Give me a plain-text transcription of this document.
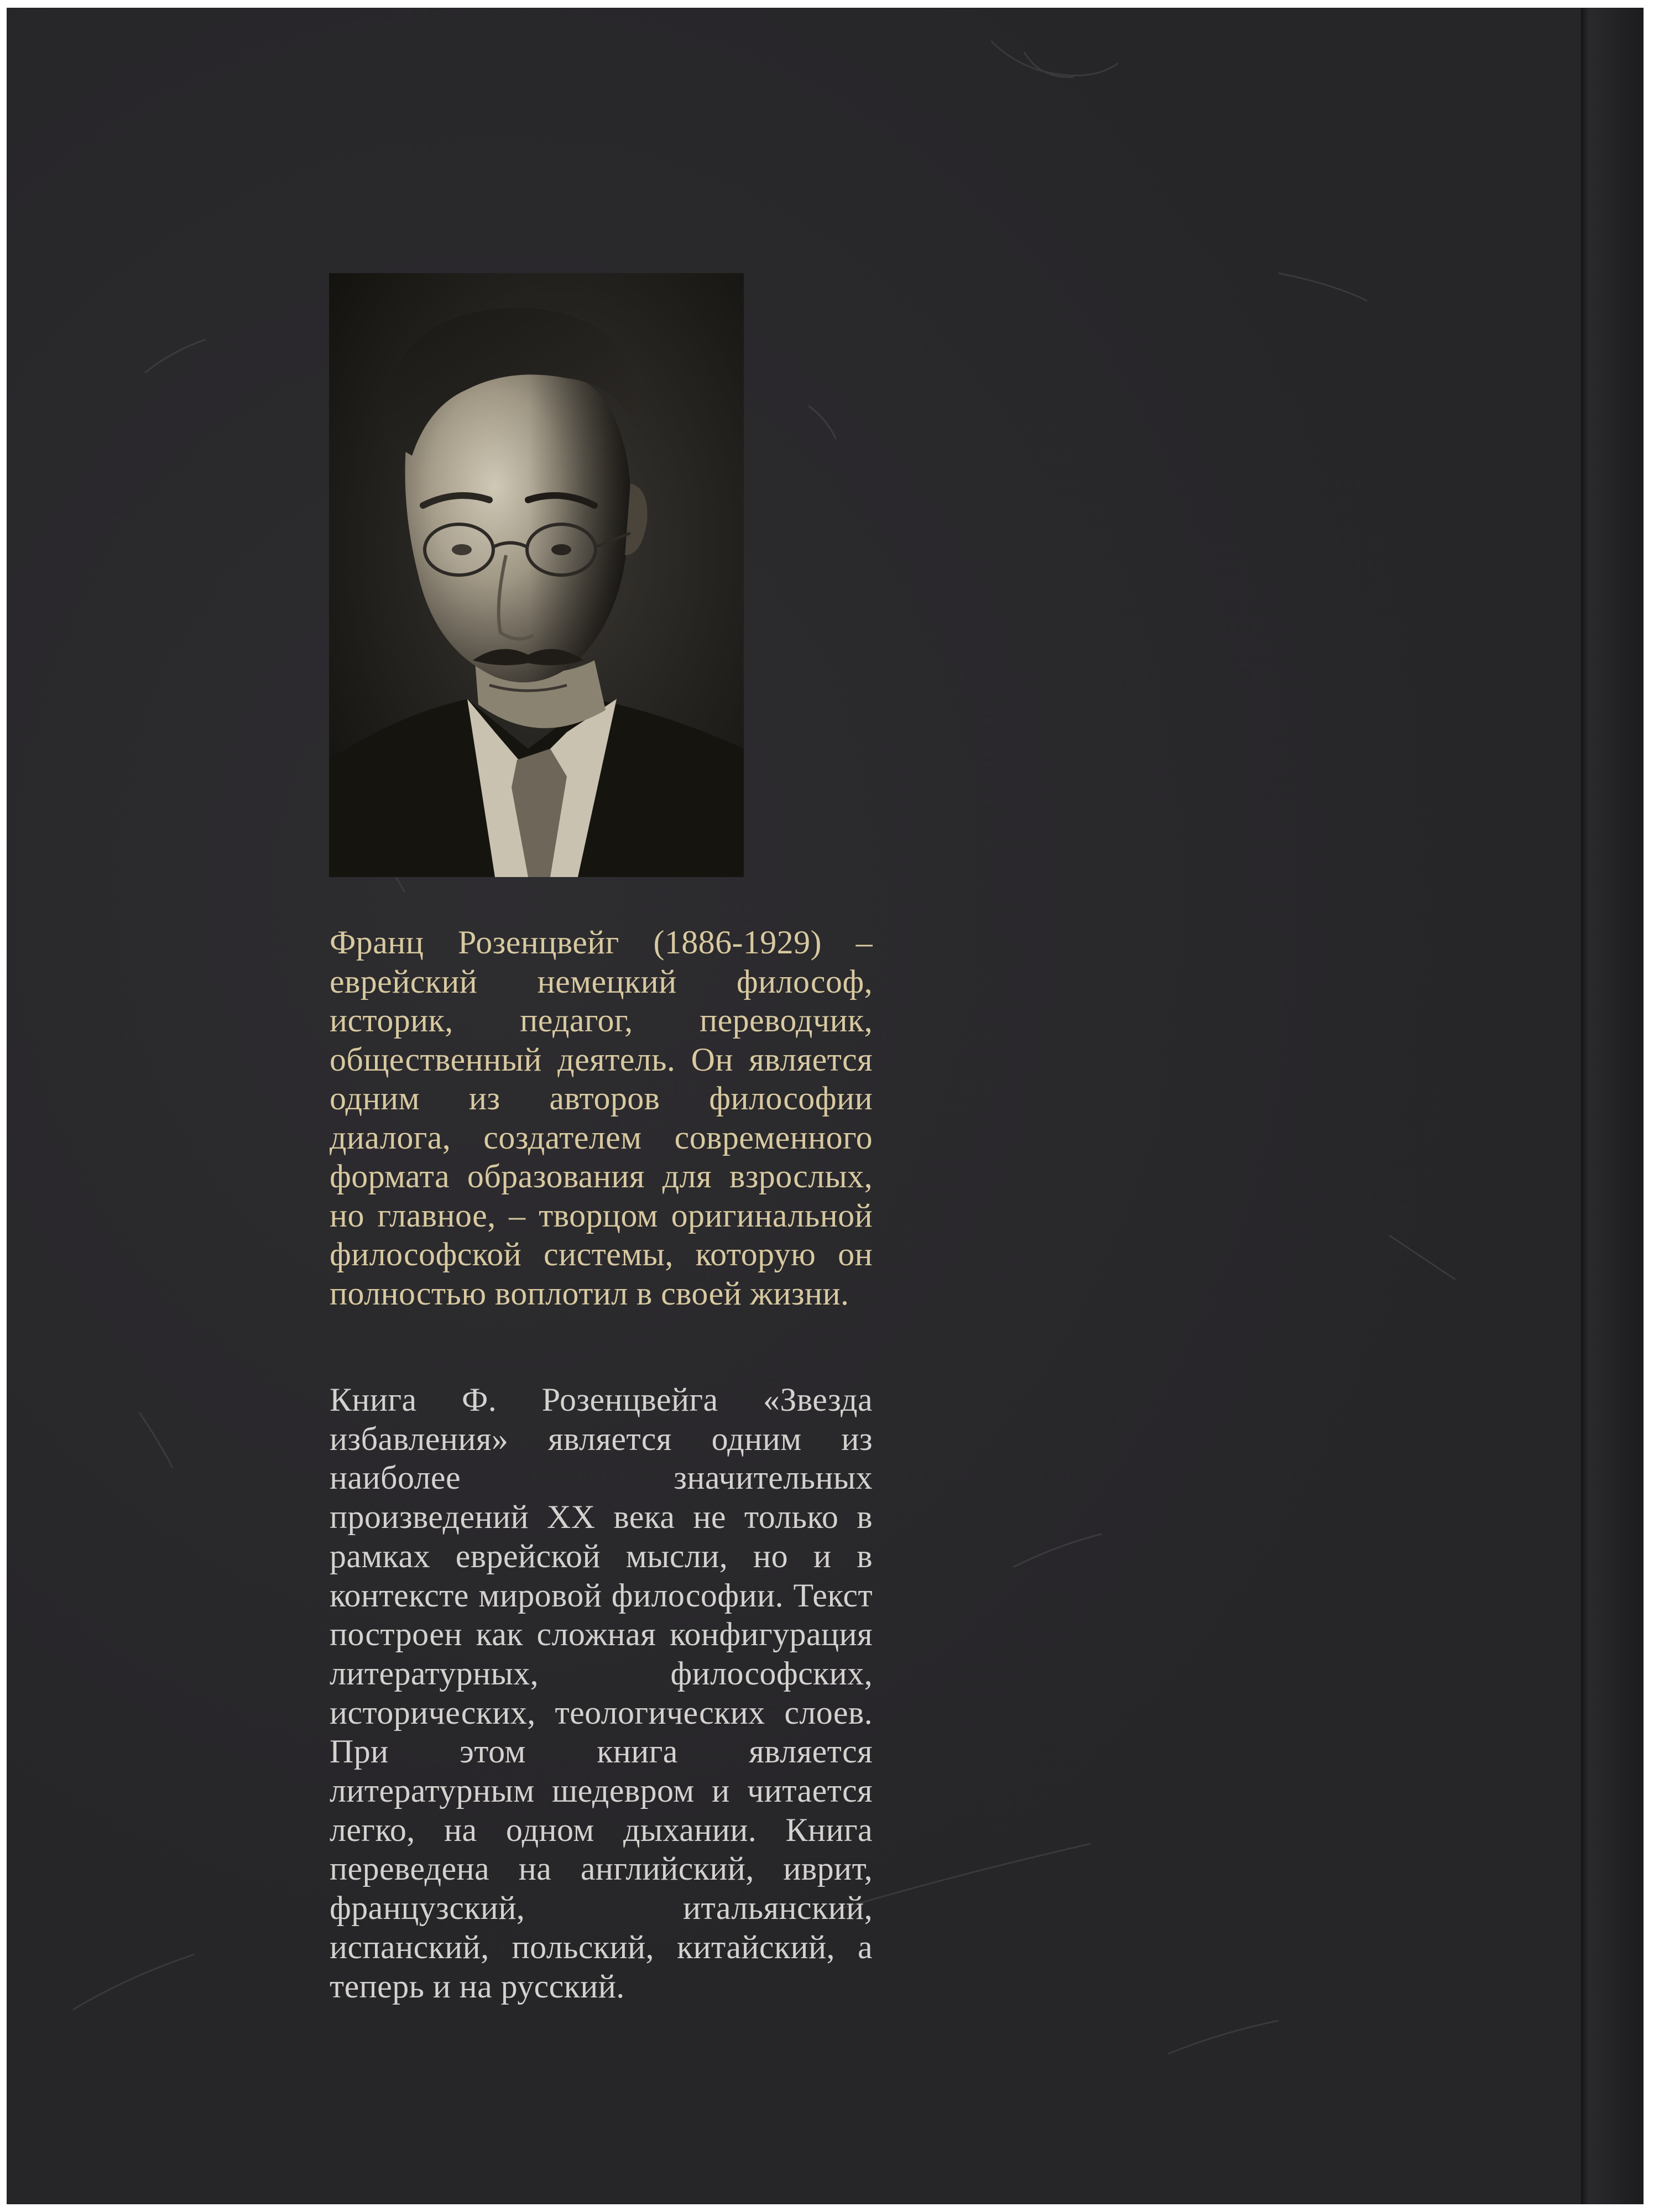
Франц Розенцвейг (1886-1929) – еврейский немецкий философ, историк, педагог, переводчик, общественный деятель. Он является одним из авторов философии диалога, создателем современного формата образования для взрослых, но главное, – творцом оригинальной философской системы, которую он полностью воплотил в своей жизни.

Книга Ф. Розенцвейга «Звезда избавления» является одним из наиболее значительных произведений XX века не только в рамках еврейской мысли, но и в контексте мировой философии. Текст построен как сложная конфигурация литературных, философских, исторических, теологических слоев. При этом книга является литературным шедевром и читается легко, на одном дыхании. Книга переведена на английский, иврит, французский, итальянский, испанский, польский, китайский, а теперь и на русский.
